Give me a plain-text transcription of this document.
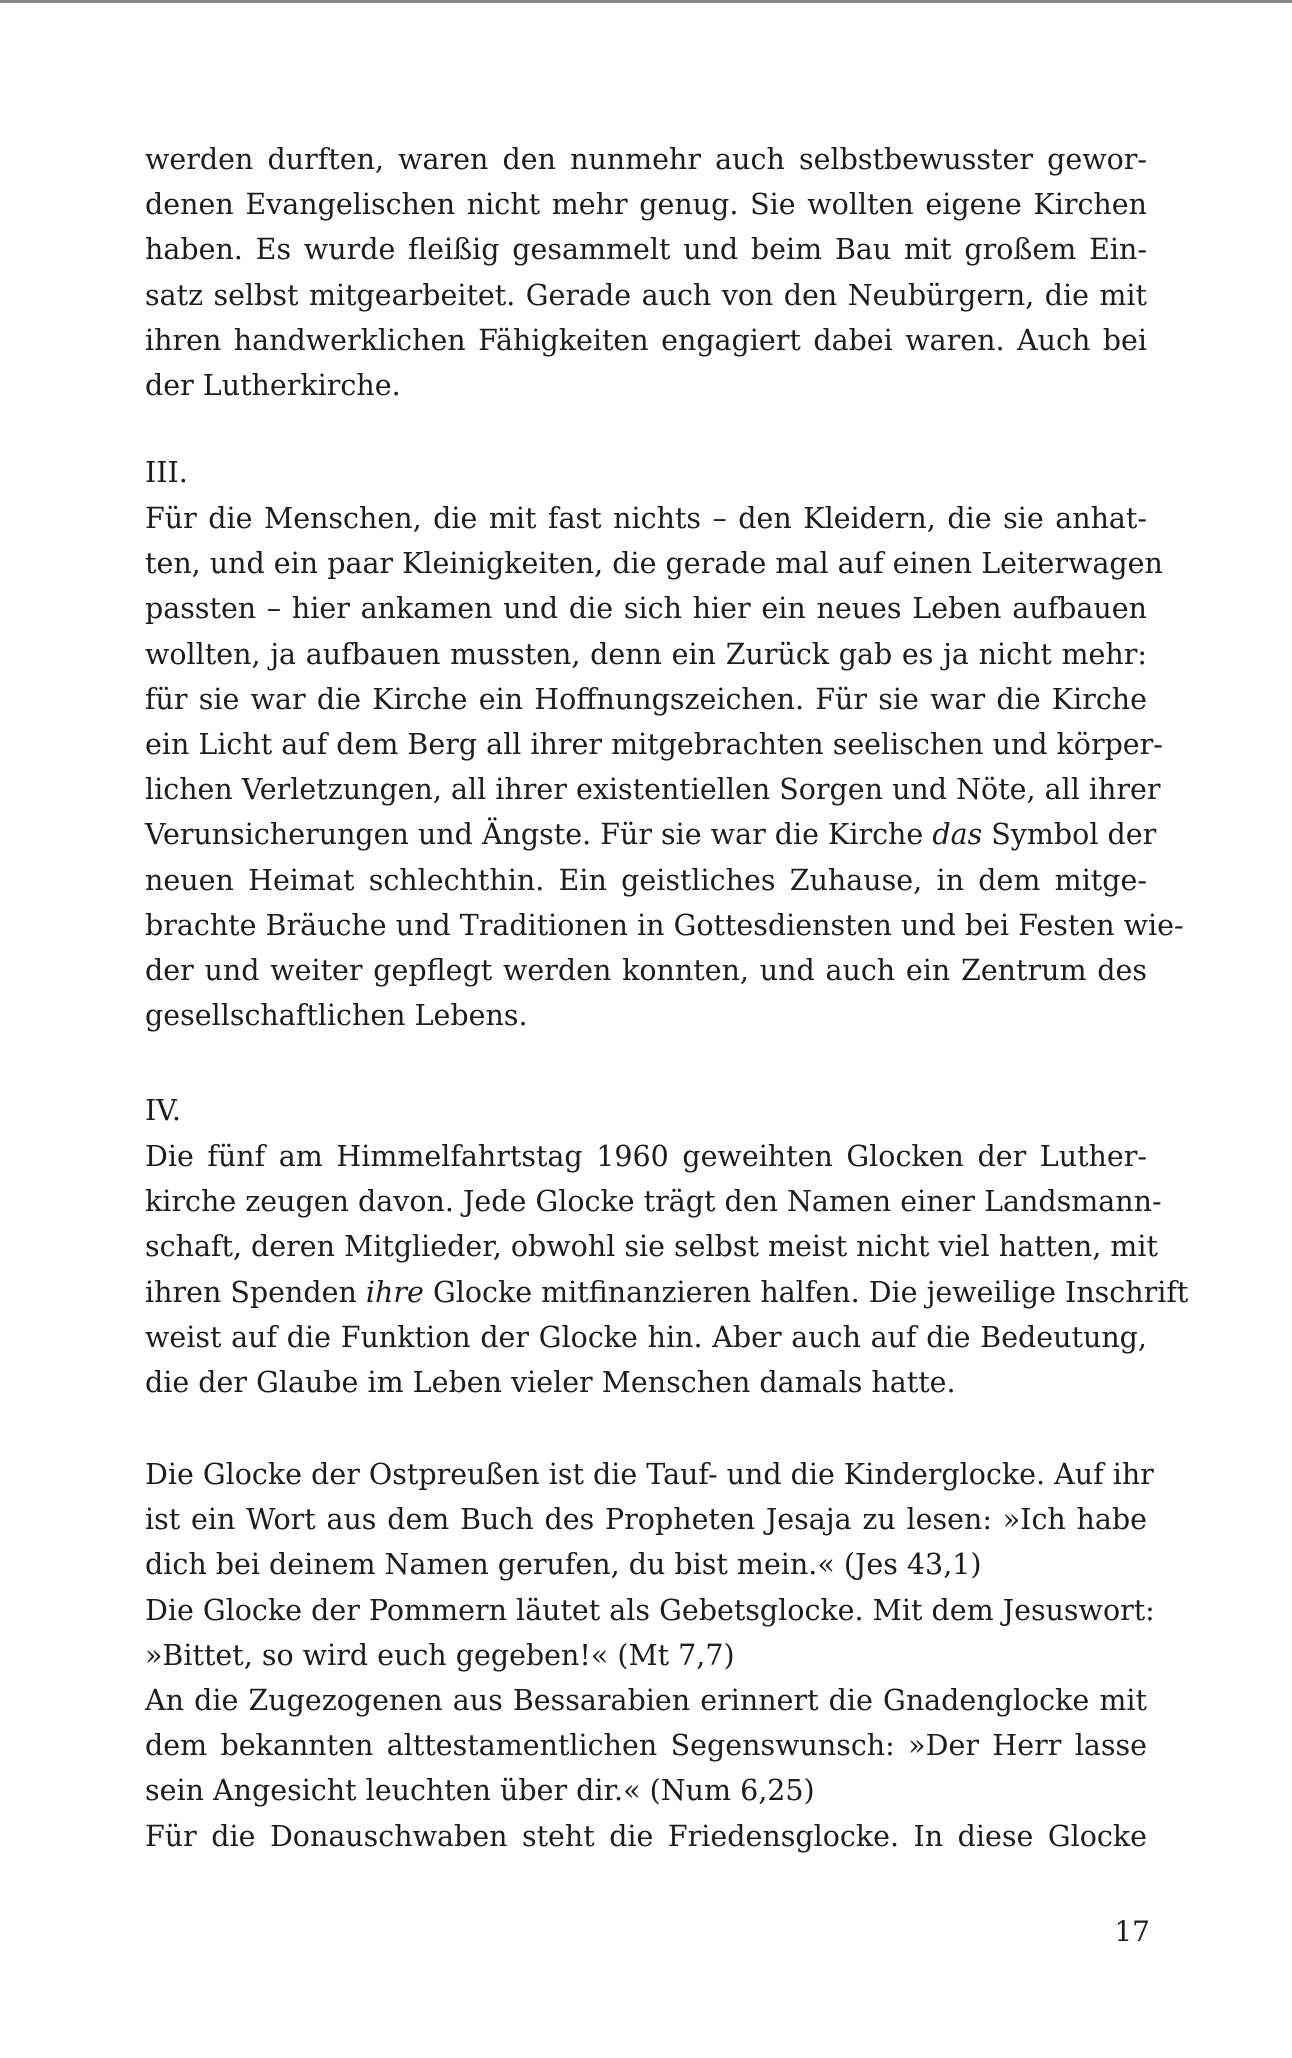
werden durften, waren den nunmehr auch selbstbewusster gewor-
denen Evangelischen nicht mehr genug. Sie wollten eigene Kirchen
haben. Es wurde fleißig gesammelt und beim Bau mit großem Ein-
satz selbst mitgearbeitet. Gerade auch von den Neubürgern, die mit
ihren handwerklichen Fähigkeiten engagiert dabei waren. Auch bei
der Lutherkirche.
III.
Für die Menschen, die mit fast nichts – den Kleidern, die sie anhat-
ten, und ein paar Kleinigkeiten, die gerade mal auf einen Leiterwagen
passten – hier ankamen und die sich hier ein neues Leben aufbauen
wollten, ja aufbauen mussten, denn ein Zurück gab es ja nicht mehr:
für sie war die Kirche ein Hoffnungszeichen. Für sie war die Kirche
ein Licht auf dem Berg all ihrer mitgebrachten seelischen und körper-
lichen Verletzungen, all ihrer existentiellen Sorgen und Nöte, all ihrer
Verunsicherungen und Ängste. Für sie war die Kirche das Symbol der
neuen Heimat schlechthin. Ein geistliches Zuhause, in dem mitge-
brachte Bräuche und Traditionen in Gottesdiensten und bei Festen wie-
der und weiter gepflegt werden konnten, und auch ein Zentrum des
gesellschaftlichen Lebens.
IV.
Die fünf am Himmelfahrtstag 1960 geweihten Glocken der Luther-
kirche zeugen davon. Jede Glocke trägt den Namen einer Landsmann-
schaft, deren Mitglieder, obwohl sie selbst meist nicht viel hatten, mit
ihren Spenden ihre Glocke mitfinanzieren halfen. Die jeweilige Inschrift
weist auf die Funktion der Glocke hin. Aber auch auf die Bedeutung,
die der Glaube im Leben vieler Menschen damals hatte.
Die Glocke der Ostpreußen ist die Tauf- und die Kinderglocke. Auf ihr
ist ein Wort aus dem Buch des Propheten Jesaja zu lesen: »Ich habe
dich bei deinem Namen gerufen, du bist mein.« (Jes 43,1)
Die Glocke der Pommern läutet als Gebetsglocke. Mit dem Jesuswort:
»Bittet, so wird euch gegeben!« (Mt 7,7)
An die Zugezogenen aus Bessarabien erinnert die Gnadenglocke mit
dem bekannten alttestamentlichen Segenswunsch: »Der Herr lasse
sein Angesicht leuchten über dir.« (Num 6,25)
Für die Donauschwaben steht die Friedensglocke. In diese Glocke
17
